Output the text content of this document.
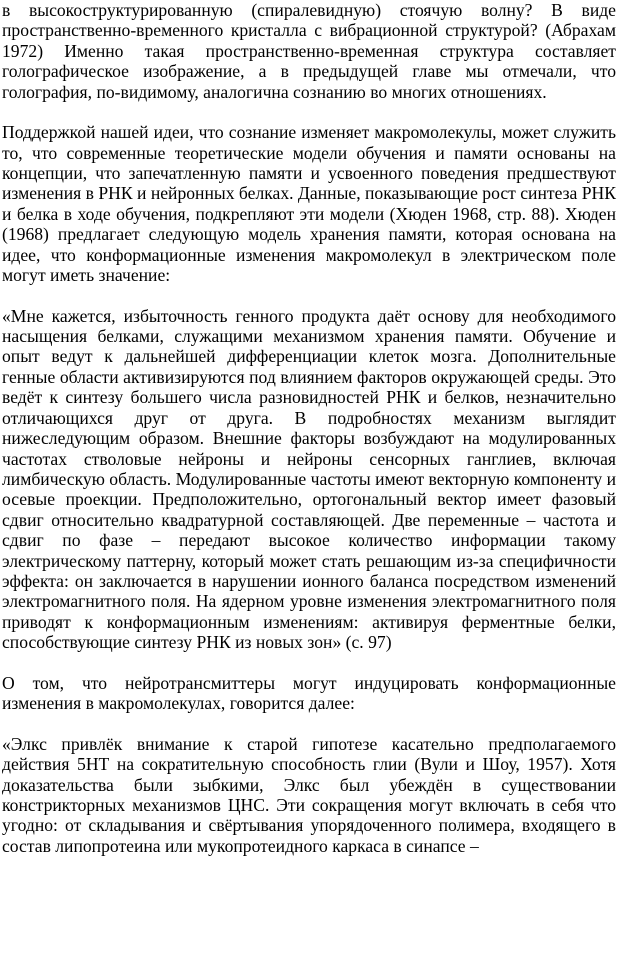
в высокоструктурированную (спиралевидную) стоячую волну? В виде пространственно-временного кристалла с вибрационной структурой? (Абрахам 1972) Именно такая пространственно-временная структура составляет голографическое изображение, а в предыдущей главе мы отмечали, что голография, по-видимому, аналогична сознанию во многих отношениях.

Поддержкой нашей идеи, что сознание изменяет макромолекулы, может служить то, что современные теоретические модели обучения и памяти основаны на концепции, что запечатленную памяти и усвоенного поведения предшествуют изменения в РНК и нейронных белках. Данные, показывающие рост синтеза РНК и белка в ходе обучения, подкрепляют эти модели (Хюден 1968, стр. 88). Хюден (1968) предлагает следующую модель хранения памяти, которая основана на идее, что конформационные изменения макромолекул в электрическом поле могут иметь значение:

«Мне кажется, избыточность генного продукта даёт основу для необходимого насыщения белками, служащими механизмом хранения памяти. Обучение и опыт ведут к дальнейшей дифференциации клеток мозга. Дополнительные генные области активизируются под влиянием факторов окружающей среды. Это ведёт к синтезу большего числа разновидностей РНК и белков, незначительно отличающихся друг от друга. В подробностях механизм выглядит нижеследующим образом. Внешние факторы возбуждают на модулированных частотах стволовые нейроны и нейроны сенсорных ганглиев, включая лимбическую область. Модулированные частоты имеют векторную компоненту и осевые проекции. Предположительно, ортогональный вектор имеет фазовый сдвиг относительно квадратурной составляющей. Две переменные – частота и сдвиг по фазе – передают высокое количество информации такому электрическому паттерну, который может стать решающим из-за специфичности эффекта: он заключается в нарушении ионного баланса посредством изменений электромагнитного поля. На ядерном уровне изменения электромагнитного поля приводят к конформационным изменениям: активируя ферментные белки, способствующие синтезу РНК из новых зон» (с. 97)

О том, что нейротрансмиттеры могут индуцировать конформационные изменения в макромолекулах, говорится далее:

«Элкс привлёк внимание к старой гипотезе касательно предполагаемого действия 5НТ на сократительную способность глии (Вули и Шоу, 1957). Хотя доказательства были зыбкими, Элкс был убеждён в существовании констрикторных механизмов ЦНС. Эти сокращения могут включать в себя что угодно: от складывания и свёртывания упорядоченного полимера, входящего в состав липопротеина или мукопротеидного каркаса в синапсе –
